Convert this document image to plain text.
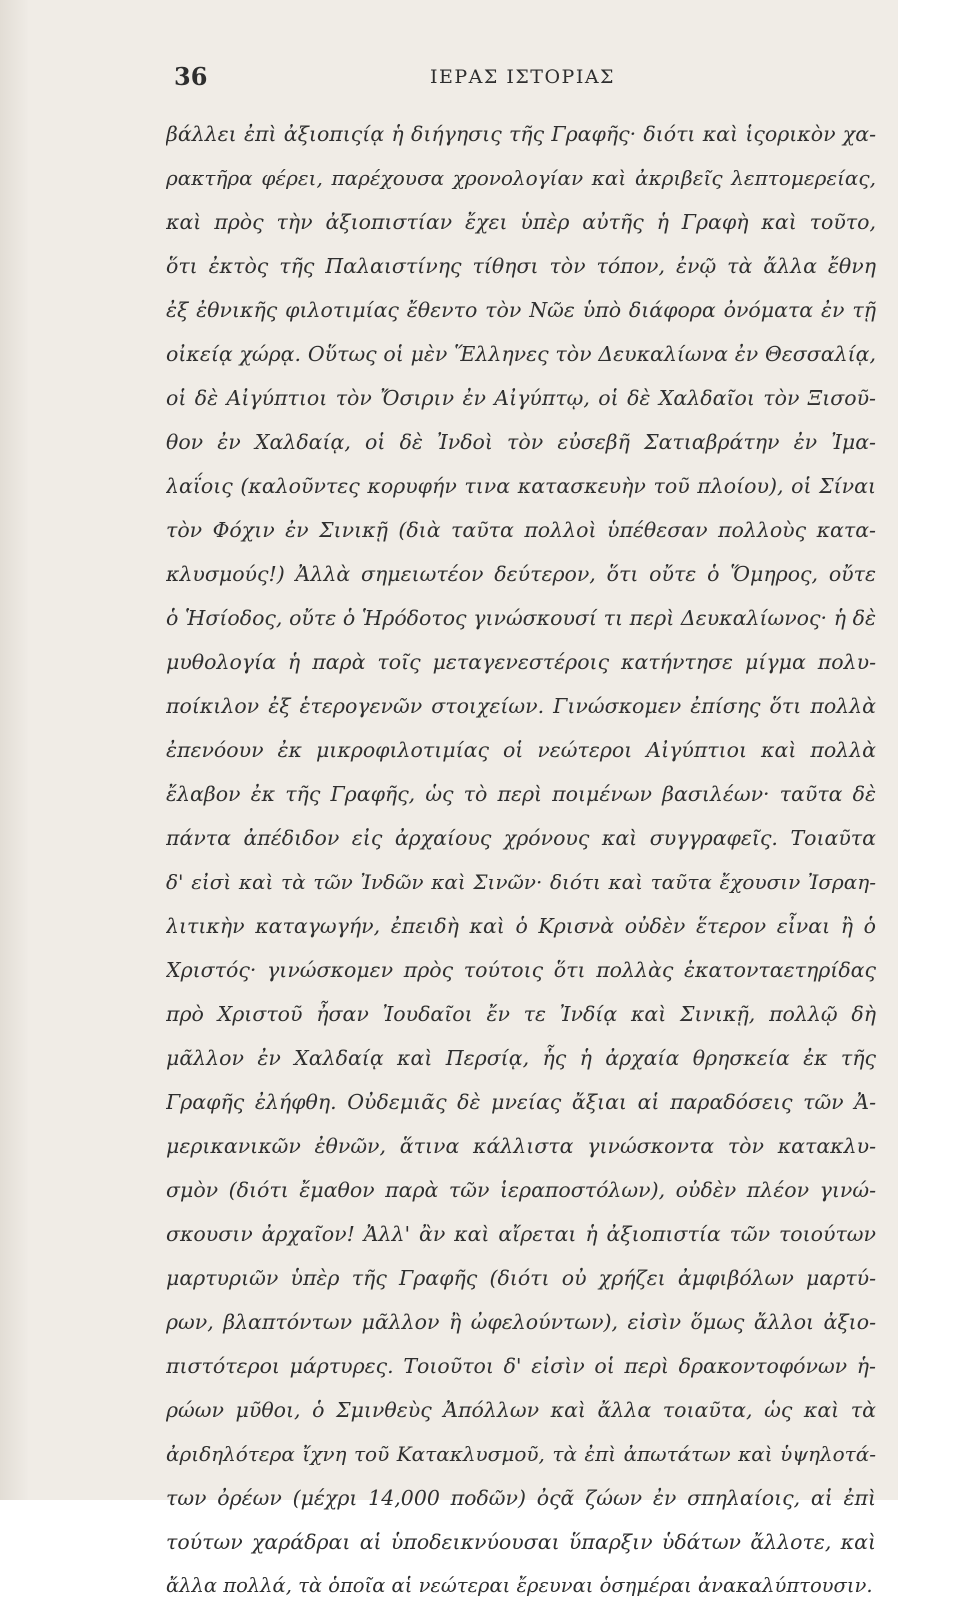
36	ΙΕΡΑΣ ΙΣΤΟΡΙΑΣ
βάλλει ἐπὶ ἀξιοπιςίᾳ ἡ διήγησις τῆς Γραφῆς· διότι καὶ ἱςορικὸν χα-
ρακτῆρα φέρει, παρέχουσα χρονολογίαν καὶ ἀκριβεῖς λεπτομερείας,
καὶ πρὸς τὴν ἀξιοπιστίαν ἔχει ὑπὲρ αὐτῆς ἡ Γραφὴ καὶ τοῦτο,
ὅτι ἐκτὸς τῆς Παλαιστίνης τίθησι τὸν τόπον, ἐνῷ τὰ ἄλλα ἔθνη
ἐξ ἐθνικῆς φιλοτιμίας ἔθεντο τὸν Νῶε ὑπὸ διάφορα ὀνόματα ἐν τῇ
οἰκείᾳ χώρᾳ. Οὕτως οἱ μὲν Ἕλληνες τὸν Δευκαλίωνα ἐν Θεσσαλίᾳ,
οἱ δὲ Αἰγύπτιοι τὸν Ὄσιριν ἐν Αἰγύπτῳ, οἱ δὲ Χαλδαῖοι τὸν Ξισοῦ-
θον ἐν Χαλδαίᾳ, οἱ δὲ Ἰνδοὶ τὸν εὐσεβῆ Σατιαβράτην ἐν Ἰμα-
λαΐοις (καλοῦντες κορυφήν τινα κατασκευὴν τοῦ πλοίου), οἱ Σίναι
τὸν Φόχιν ἐν Σινικῇ (διὰ ταῦτα πολλοὶ ὑπέθεσαν πολλοὺς κατα-
κλυσμούς!) Ἀλλὰ σημειωτέον δεύτερον, ὅτι οὔτε ὁ Ὅμηρος, οὔτε
ὁ Ἡσίοδος, οὔτε ὁ Ἡρόδοτος γινώσκουσί τι περὶ Δευκαλίωνος· ἡ δὲ
μυθολογία ἡ παρὰ τοῖς μεταγενεστέροις κατήντησε μίγμα πολυ-
ποίκιλον ἐξ ἑτερογενῶν στοιχείων. Γινώσκομεν ἐπίσης ὅτι πολλὰ
ἐπενόουν ἐκ μικροφιλοτιμίας οἱ νεώτεροι Αἰγύπτιοι καὶ πολλὰ
ἔλαβον ἐκ τῆς Γραφῆς, ὡς τὸ περὶ ποιμένων βασιλέων· ταῦτα δὲ
πάντα ἀπέδιδον εἰς ἀρχαίους χρόνους καὶ συγγραφεῖς. Τοιαῦτα
δ' εἰσὶ καὶ τὰ τῶν Ἰνδῶν καὶ Σινῶν· διότι καὶ ταῦτα ἔχουσιν Ἰσραη-
λιτικὴν καταγωγήν, ἐπειδὴ καὶ ὁ Κρισνὰ οὐδὲν ἕτερον εἶναι ἢ ὁ
Χριστός· γινώσκομεν πρὸς τούτοις ὅτι πολλὰς ἑκατονταετηρίδας
πρὸ Χριστοῦ ἦσαν Ἰουδαῖοι ἔν τε Ἰνδίᾳ καὶ Σινικῇ, πολλῷ δὴ
μᾶλλον ἐν Χαλδαίᾳ καὶ Περσίᾳ, ἧς ἡ ἀρχαία θρησκεία ἐκ τῆς
Γραφῆς ἐλήφθη. Οὐδεμιᾶς δὲ μνείας ἄξιαι αἱ παραδόσεις τῶν Ἀ-
μερικανικῶν ἐθνῶν, ἅτινα κάλλιστα γινώσκοντα τὸν κατακλυ-
σμὸν (διότι ἔμαθον παρὰ τῶν ἱεραποστόλων), οὐδὲν πλέον γινώ-
σκουσιν ἀρχαῖον! Ἀλλ' ἂν καὶ αἴρεται ἡ ἀξιοπιστία τῶν τοιούτων
μαρτυριῶν ὑπὲρ τῆς Γραφῆς (διότι οὐ χρήζει ἀμφιβόλων μαρτύ-
ρων, βλαπτόντων μᾶλλον ἢ ὠφελούντων), εἰσὶν ὅμως ἄλλοι ἀξιο-
πιστότεροι μάρτυρες. Τοιοῦτοι δ' εἰσὶν οἱ περὶ δρακοντοφόνων ἡ-
ρώων μῦθοι, ὁ Σμινθεὺς Ἀπόλλων καὶ ἄλλα τοιαῦτα, ὡς καὶ τὰ
ἀριδηλότερα ἴχνη τοῦ Κατακλυσμοῦ, τὰ ἐπὶ ἀπωτάτων καὶ ὑψηλοτά-
των ὀρέων (μέχρι 14,000 ποδῶν) ὀςᾶ ζώων ἐν σπηλαίοις, αἱ ἐπὶ
τούτων χαράδραι αἱ ὑποδεικνύουσαι ὕπαρξιν ὑδάτων ἄλλοτε, καὶ
ἄλλα πολλά, τὰ ὁποῖα αἱ νεώτεραι ἔρευναι ὁσημέραι ἀνακαλύπτουσιν.
